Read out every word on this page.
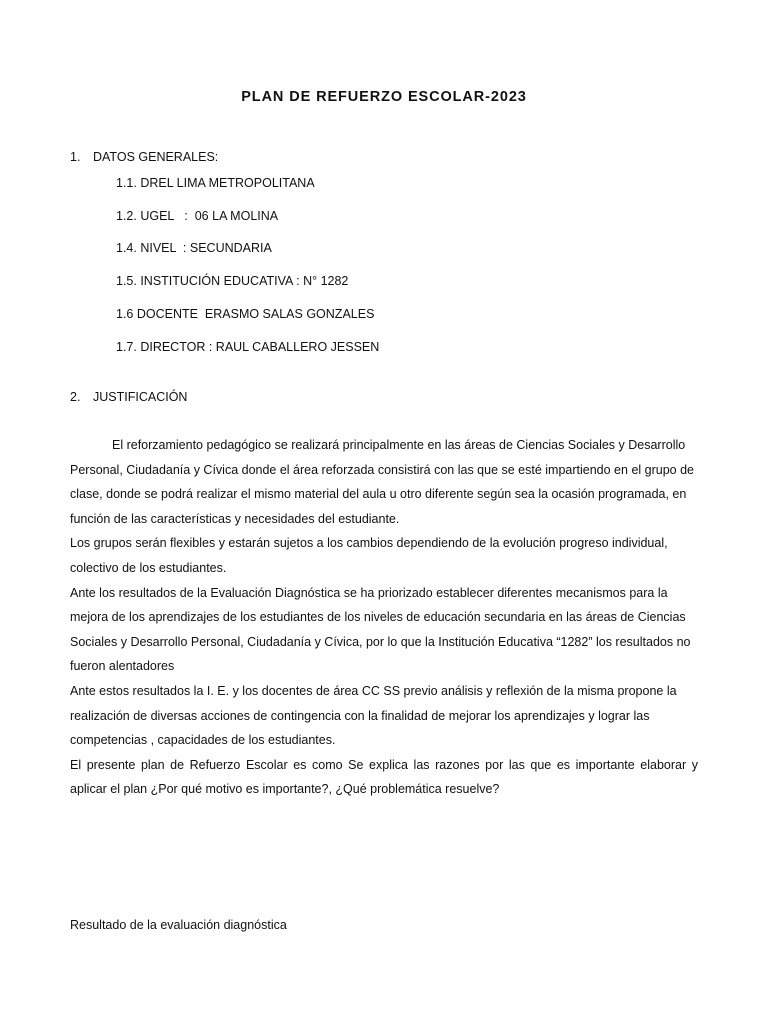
PLAN DE REFUERZO ESCOLAR-2023
1. DATOS GENERALES:
1.1. DREL LIMA METROPOLITANA
1.2. UGEL   :  06 LA MOLINA
1.4. NIVEL  : SECUNDARIA
1.5. INSTITUCIÓN EDUCATIVA : N° 1282
1.6 DOCENTE  ERASMO SALAS GONZALES
1.7. DIRECTOR : RAUL CABALLERO JESSEN
2. JUSTIFICACIÓN

El reforzamiento pedagógico se realizará principalmente en las áreas de Ciencias Sociales y Desarrollo Personal, Ciudadanía y Cívica donde el área reforzada consistirá con las que se esté impartiendo en el grupo de clase, donde se podrá realizar el mismo material del aula u otro diferente según sea la ocasión programada, en función de las características y necesidades del estudiante.

Los grupos serán flexibles y estarán sujetos a los cambios dependiendo de la evolución progreso individual, colectivo de los estudiantes.

Ante los resultados de la Evaluación Diagnóstica se ha priorizado establecer diferentes mecanismos para la mejora de los aprendizajes de los estudiantes de los niveles de educación secundaria en las áreas de Ciencias Sociales y Desarrollo Personal, Ciudadanía y Cívica, por lo que la Institución Educativa “1282” los resultados no fueron alentadores

Ante estos resultados la I. E. y los docentes de área CC SS previo análisis y reflexión de la misma propone la realización de diversas acciones de contingencia con la finalidad de mejorar los aprendizajes y lograr las competencias , capacidades de los estudiantes.

El presente plan de Refuerzo Escolar es como Se explica las razones por las que es importante elaborar y aplicar el plan ¿Por qué motivo es importante?, ¿Qué problemática resuelve?

Resultado de la evaluación diagnóstica
